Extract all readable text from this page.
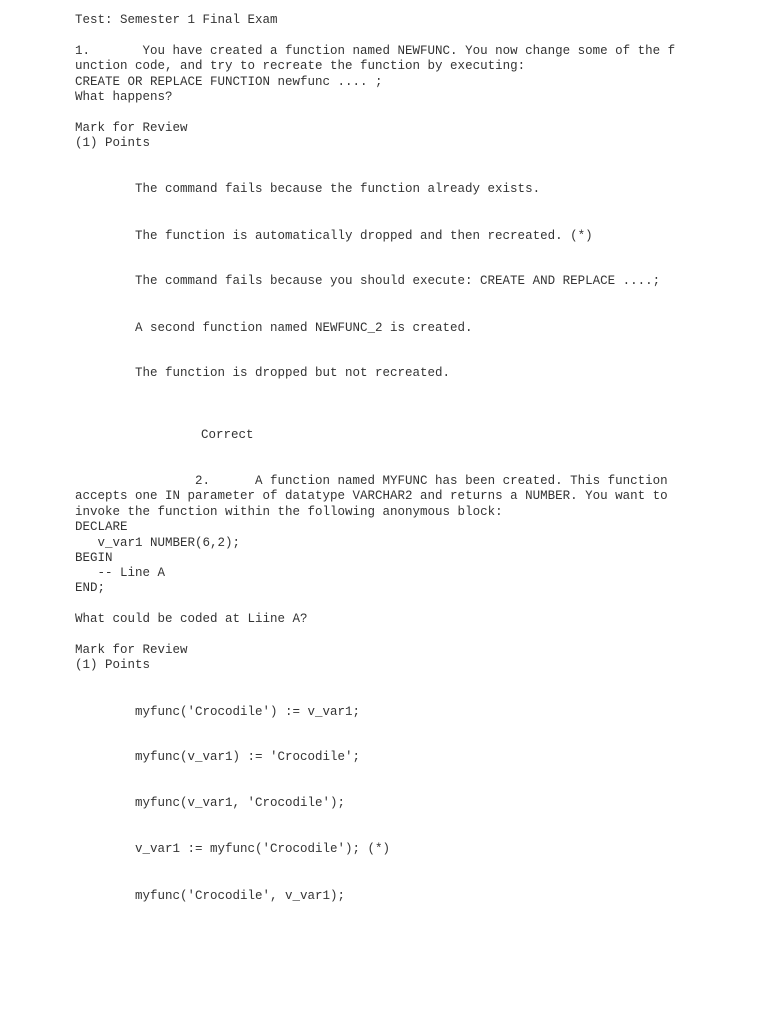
Test: Semester 1 Final Exam

1.       You have created a function named NEWFUNC. You now change some of the f

unction code, and try to recreate the function by executing:

CREATE OR REPLACE FUNCTION newfunc .... ;

What happens?

Mark for Review

(1) Points

The command fails because the function already exists.

The function is automatically dropped and then recreated. (*)

The command fails because you should execute: CREATE AND REPLACE ....;

A second function named NEWFUNC_2 is created.

The function is dropped but not recreated.

Correct

2.      A function named MYFUNC has been created. This function

accepts one IN parameter of datatype VARCHAR2 and returns a NUMBER. You want to

invoke the function within the following anonymous block:

DECLARE

v_var1 NUMBER(6,2);

BEGIN

-- Line A

END;

What could be coded at Liine A?

Mark for Review

(1) Points

myfunc('Crocodile') := v_var1;

myfunc(v_var1) := 'Crocodile';

myfunc(v_var1, 'Crocodile');

v_var1 := myfunc('Crocodile'); (*)

myfunc('Crocodile', v_var1);
